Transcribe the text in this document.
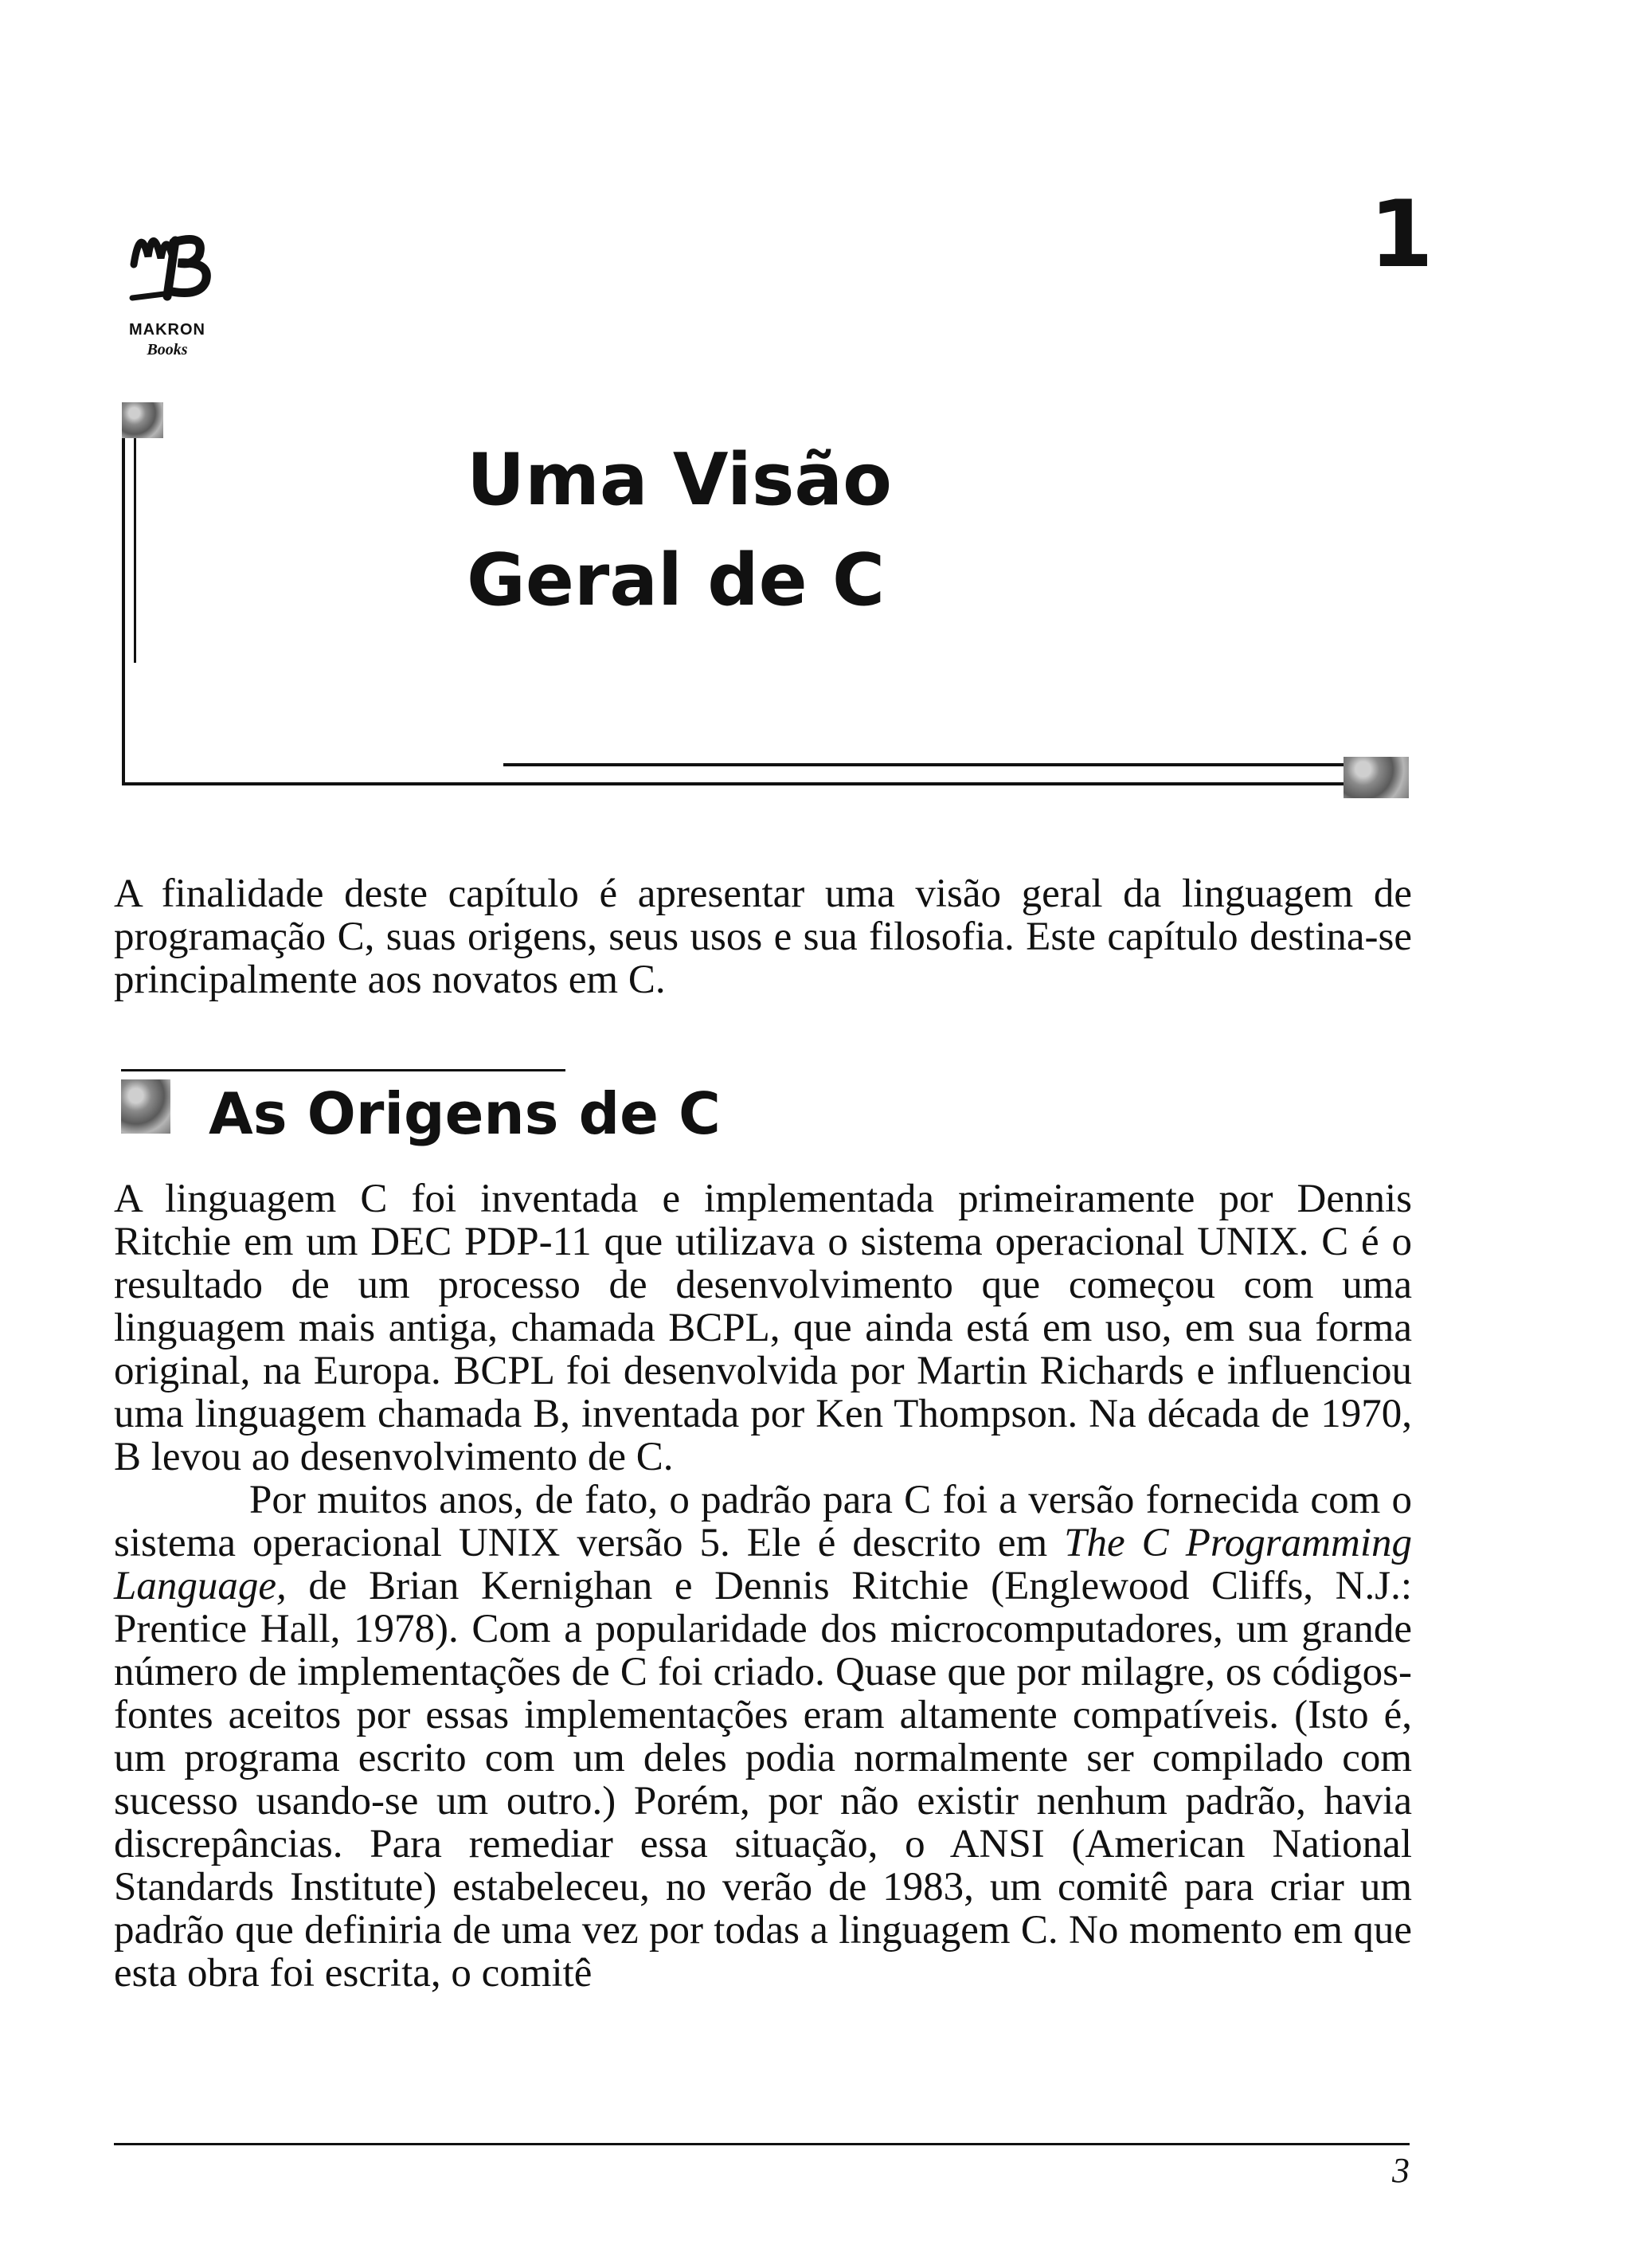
MAKRON
Books
1
Uma Visão
Geral de C

A finalidade deste capítulo é apresentar uma visão geral da linguagem de programação C, suas origens, seus usos e sua filosofia. Este capítulo destina-se principalmente aos novatos em C.

As Origens de C

A linguagem C foi inventada e implementada primeiramente por Dennis Ritchie em um DEC PDP-11 que utilizava o sistema operacional UNIX. C é o resultado de um processo de desenvolvimento que começou com uma linguagem mais antiga, chamada BCPL, que ainda está em uso, em sua forma original, na Europa. BCPL foi desenvolvida por Martin Richards e influenciou uma linguagem chamada B, inventada por Ken Thompson. Na década de 1970, B levou ao desenvolvimento de C.

Por muitos anos, de fato, o padrão para C foi a versão fornecida com o sistema operacional UNIX versão 5. Ele é descrito em The C Programming Language, de Brian Kernighan e Dennis Ritchie (Englewood Cliffs, N.J.: Prentice Hall, 1978). Com a popularidade dos microcomputadores, um grande número de implementações de C foi criado. Quase que por milagre, os códigos-fontes aceitos por essas implementações eram altamente compatíveis. (Isto é, um programa escrito com um deles podia normalmente ser compilado com sucesso usando-se um outro.) Porém, por não existir nenhum padrão, havia discrepâncias. Para remediar essa situação, o ANSI (American National Standards Institute) estabeleceu, no verão de 1983, um comitê para criar um padrão que definiria de uma vez por todas a linguagem C. No momento em que esta obra foi escrita, o comitê

3
